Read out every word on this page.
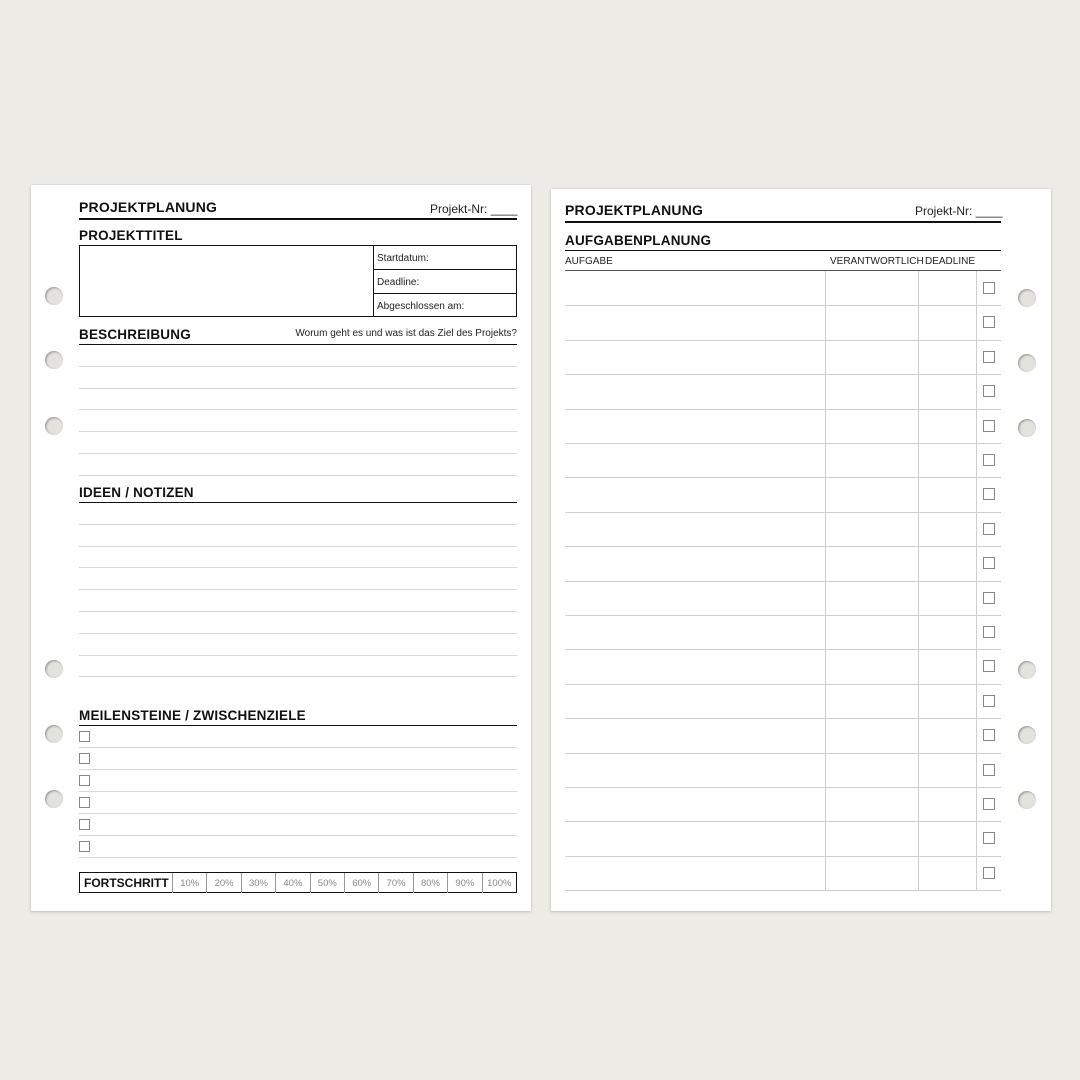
PROJEKTPLANUNG	Projekt-Nr: ____
PROJEKTTITEL
Startdatum:
Deadline:
Abgeschlossen am:
BESCHREIBUNG	Worum geht es und was ist das Ziel des Projekts?
IDEEN / NOTIZEN
MEILENSTEINE / ZWISCHENZIELE
FORTSCHRITT	10%	20%	30%	40%	50%	60%	70%	80%	90%	100%
PROJEKTPLANUNG	Projekt-Nr: ____
AUFGABENPLANUNG
AUFGABE	VERANTWORTLICH DEADLINE
